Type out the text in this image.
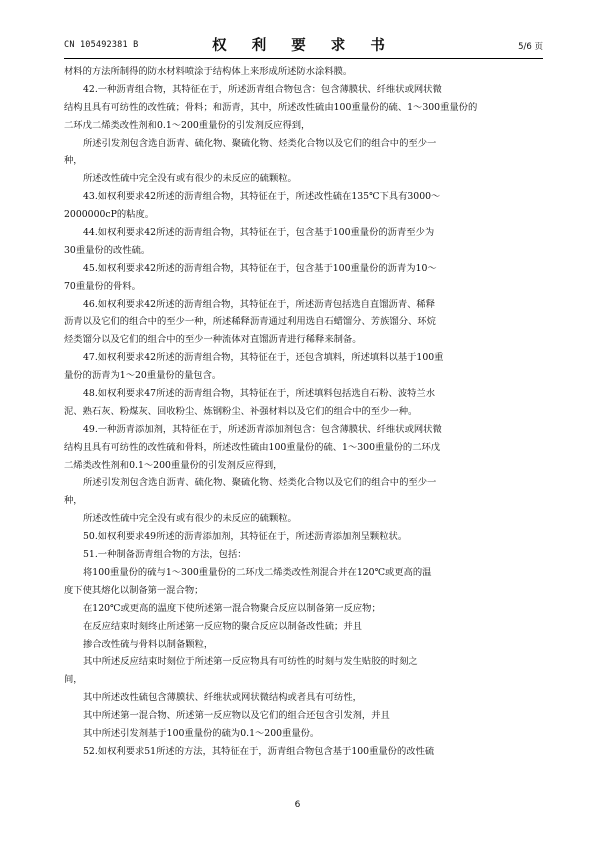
CN 105492381 B	权 利 要 求 书	5/6 页
材料的方法所制得的防水材料喷涂于结构体上来形成所述防水涂料膜。
42.一种沥青组合物，其特征在于，所述沥青组合物包含：包含薄膜状、纤维状或网状微
结构且具有可纺性的改性硫；骨料；和沥青，其中，所述改性硫由100重量份的硫、1～300重量份的
二环戊二烯类改性剂和0.1～200重量份的引发剂反应得到，
所述引发剂包含选自沥青、硫化物、聚硫化物、烃类化合物以及它们的组合中的至少一
种，
所述改性硫中完全没有或有很少的未反应的硫颗粒。
43.如权利要求42所述的沥青组合物，其特征在于，所述改性硫在135℃下具有3000～
2000000cP的粘度。
44.如权利要求42所述的沥青组合物，其特征在于，包含基于100重量份的沥青至少为
30重量份的改性硫。
45.如权利要求42所述的沥青组合物，其特征在于，包含基于100重量份的沥青为10～
70重量份的骨料。
46.如权利要求42所述的沥青组合物，其特征在于，所述沥青包括选自直馏沥青、稀释
沥青以及它们的组合中的至少一种，所述稀释沥青通过利用选自石蜡馏分、芳族馏分、环烷
烃类馏分以及它们的组合中的至少一种流体对直馏沥青进行稀释来制备。
47.如权利要求42所述的沥青组合物，其特征在于，还包含填料，所述填料以基于100重
量份的沥青为1～20重量份的量包含。
48.如权利要求47所述的沥青组合物，其特征在于，所述填料包括选自石粉、波特兰水
泥、熟石灰、粉煤灰、回收粉尘、炼钢粉尘、补强材料以及它们的组合中的至少一种。
49.一种沥青添加剂，其特征在于，所述沥青添加剂包含：包含薄膜状、纤维状或网状微
结构且具有可纺性的改性硫和骨料，所述改性硫由100重量份的硫、1～300重量份的二环戊
二烯类改性剂和0.1～200重量份的引发剂反应得到，
所述引发剂包含选自沥青、硫化物、聚硫化物、烃类化合物以及它们的组合中的至少一
种，
所述改性硫中完全没有或有很少的未反应的硫颗粒。
50.如权利要求49所述的沥青添加剂，其特征在于，所述沥青添加剂呈颗粒状。
51.一种制备沥青组合物的方法，包括：
将100重量份的硫与1～300重量份的二环戊二烯类改性剂混合并在120℃或更高的温
度下使其熔化以制备第一混合物；
在120℃或更高的温度下使所述第一混合物聚合反应以制备第一反应物；
在反应结束时刻终止所述第一反应物的聚合反应以制备改性硫；并且
掺合改性硫与骨料以制备颗粒，
其中所述反应结束时刻位于所述第一反应物具有可纺性的时刻与发生贴胶的时刻之
间，
其中所述改性硫包含薄膜状、纤维状或网状微结构或者具有可纺性，
其中所述第一混合物、所述第一反应物以及它们的组合还包含引发剂，并且
其中所述引发剂基于100重量份的硫为0.1～200重量份。
52.如权利要求51所述的方法，其特征在于，沥青组合物包含基于100重量份的改性硫
6
